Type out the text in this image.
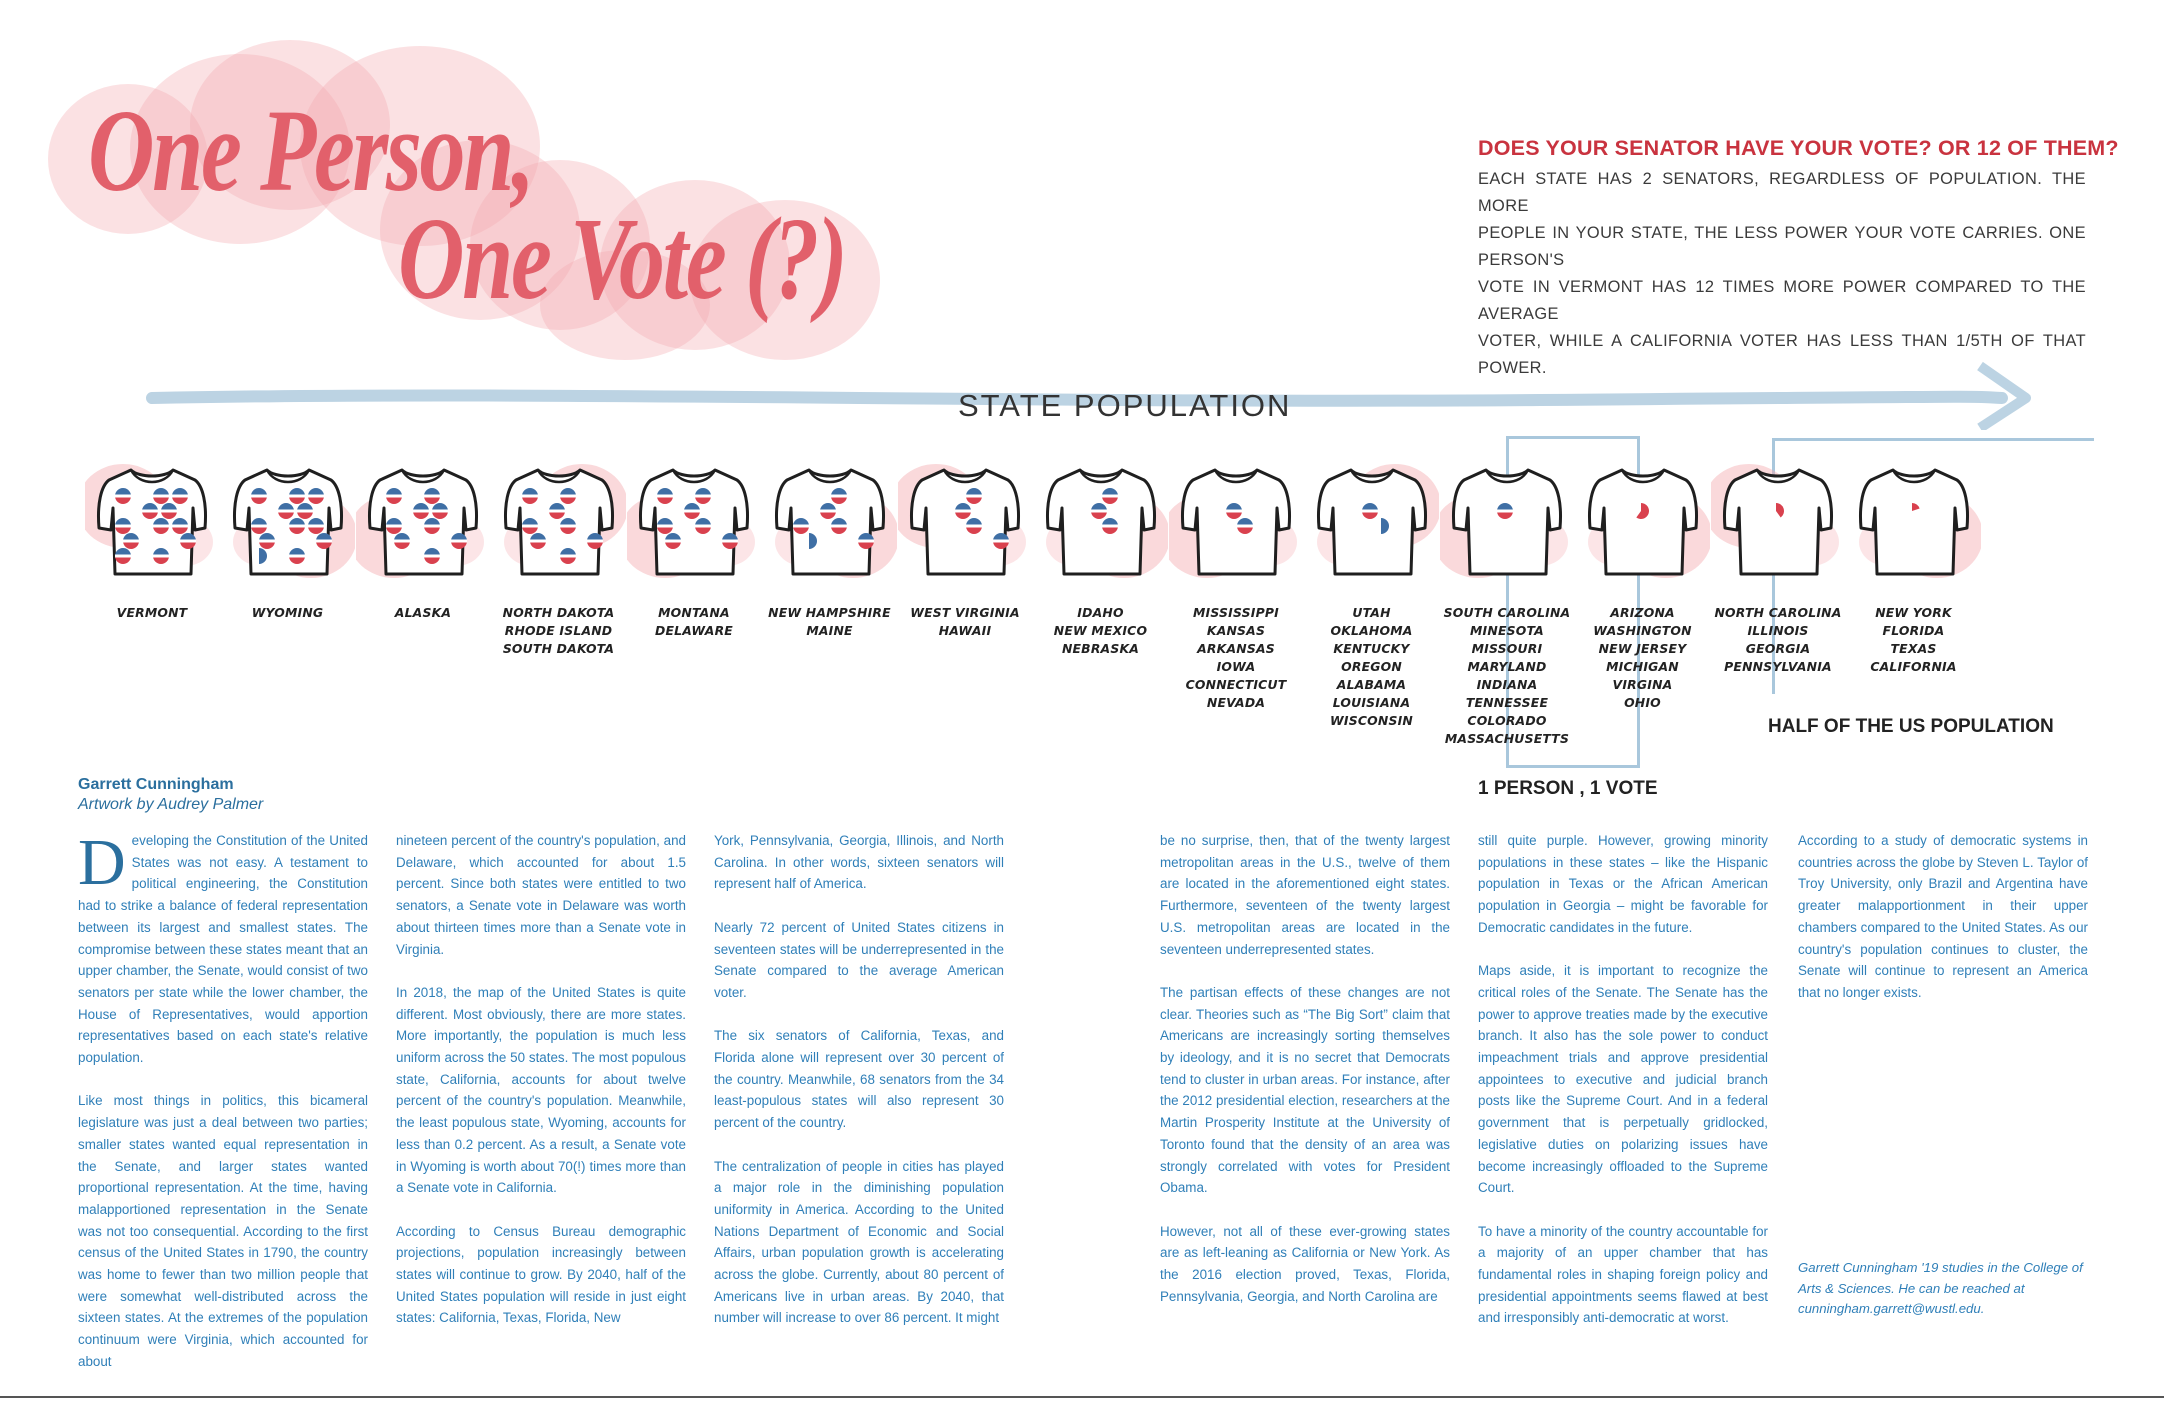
One Person,
One Vote (?)
DOES YOUR SENATOR HAVE YOUR VOTE? OR 12 OF THEM?
EACH STATE HAS 2 SENATORS, REGARDLESS OF POPULATION. THE MORE
PEOPLE IN YOUR STATE, THE LESS POWER YOUR VOTE CARRIES. ONE PERSON'S
VOTE IN VERMONT HAS 12 TIMES MORE POWER COMPARED TO THE AVERAGE
VOTER, WHILE A CALIFORNIA VOTER HAS LESS THAN 1/5TH OF THAT POWER.
STATE POPULATION
1 PERSON , 1 VOTE
HALF OF THE US POPULATION
VERMONT	WYOMING	ALASKA	NORTH DAKOTA
RHODE ISLAND
SOUTH DAKOTA
MONTANA
DELAWARE
NEW HAMPSHIRE
MAINE
WEST VIRGINIA
HAWAII
IDAHO
NEW MEXICO
NEBRASKA
MISSISSIPPI
KANSAS
ARKANSAS
IOWA
CONNECTICUT
NEVADA
UTAH
OKLAHOMA
KENTUCKY
OREGON
ALABAMA
LOUISIANA
WISCONSIN
SOUTH CAROLINA
MINESOTA
MISSOURI
MARYLAND
INDIANA
TENNESSEE
COLORADO
MASSACHUSETTS
ARIZONA
WASHINGTON
NEW JERSEY
MICHIGAN
VIRGINA
OHIO
NORTH CAROLINA
ILLINOIS
GEORGIA
PENNSYLVANIA
NEW YORK
FLORIDA
TEXAS
CALIFORNIA
Garrett Cunningham
Artwork by Audrey Palmer

Developing the Constitution of the United States was not easy. A testament to political engineering, the Constitution had to strike a balance of federal representation between its largest and smallest states. The compromise between these states meant that an upper chamber, the Senate, would consist of two senators per state while the lower chamber, the House of Representatives, would apportion representatives based on each state's relative population.

Like most things in politics, this bicameral legislature was just a deal between two parties; smaller states wanted equal representation in the Senate, and larger states wanted proportional representation. At the time, having malapportioned representation in the Senate was not too consequential. According to the first census of the United States in 1790, the country was home to fewer than two million people that were somewhat well-distributed across the sixteen states. At the extremes of the population continuum were Virginia, which accounted for about

nineteen percent of the country's population, and Delaware, which accounted for about 1.5 percent. Since both states were entitled to two senators, a Senate vote in Delaware was worth about thirteen times more than a Senate vote in Virginia.

In 2018, the map of the United States is quite different. Most obviously, there are more states. More importantly, the population is much less uniform across the 50 states. The most populous state, California, accounts for about twelve percent of the country's population. Meanwhile, the least populous state, Wyoming, accounts for less than 0.2 percent. As a result, a Senate vote in Wyoming is worth about 70(!) times more than a Senate vote in California.

According to Census Bureau demographic projections, population increasingly between states will continue to grow. By 2040, half of the United States population will reside in just eight states: California, Texas, Florida, New

York, Pennsylvania, Georgia, Illinois, and North Carolina. In other words, sixteen senators will represent half of America.

Nearly 72 percent of United States citizens in seventeen states will be underrepresented in the Senate compared to the average American voter.

The six senators of California, Texas, and Florida alone will represent over 30 percent of the country. Meanwhile, 68 senators from the 34 least-populous states will also represent 30 percent of the country.

The centralization of people in cities has played a major role in the diminishing population uniformity in America. According to the United Nations Department of Economic and Social Affairs, urban population growth is accelerating across the globe. Currently, about 80 percent of Americans live in urban areas. By 2040, that number will increase to over 86 percent. It might

be no surprise, then, that of the twenty largest metropolitan areas in the U.S., twelve of them are located in the aforementioned eight states. Furthermore, seventeen of the twenty largest U.S. metropolitan areas are located in the seventeen underrepresented states.

The partisan effects of these changes are not clear. Theories such as “The Big Sort” claim that Americans are increasingly sorting themselves by ideology, and it is no secret that Democrats tend to cluster in urban areas. For instance, after the 2012 presidential election, researchers at the Martin Prosperity Institute at the University of Toronto found that the density of an area was strongly correlated with votes for President Obama.

However, not all of these ever-growing states are as left-leaning as California or New York. As the 2016 election proved, Texas, Florida, Pennsylvania, Georgia, and North Carolina are

still quite purple. However, growing minority populations in these states – like the Hispanic population in Texas or the African American population in Georgia – might be favorable for Democratic candidates in the future.

Maps aside, it is important to recognize the critical roles of the Senate. The Senate has the power to approve treaties made by the executive branch. It also has the sole power to conduct impeachment trials and approve presidential appointees to executive and judicial branch posts like the Supreme Court. And in a federal government that is perpetually gridlocked, legislative duties on polarizing issues have become increasingly offloaded to the Supreme Court.

To have a minority of the country accountable for a majority of an upper chamber that has fundamental roles in shaping foreign policy and presidential appointments seems flawed at best and irresponsibly anti-democratic at worst.

According to a study of democratic systems in countries across the globe by Steven L. Taylor of Troy University, only Brazil and Argentina have greater malapportionment in their upper chambers compared to the United States. As our country's population continues to cluster, the Senate will continue to represent an America that no longer exists.

Garrett Cunningham '19 studies in the College of Arts & Sciences. He can be reached at cunningham.garrett@wustl.edu.
